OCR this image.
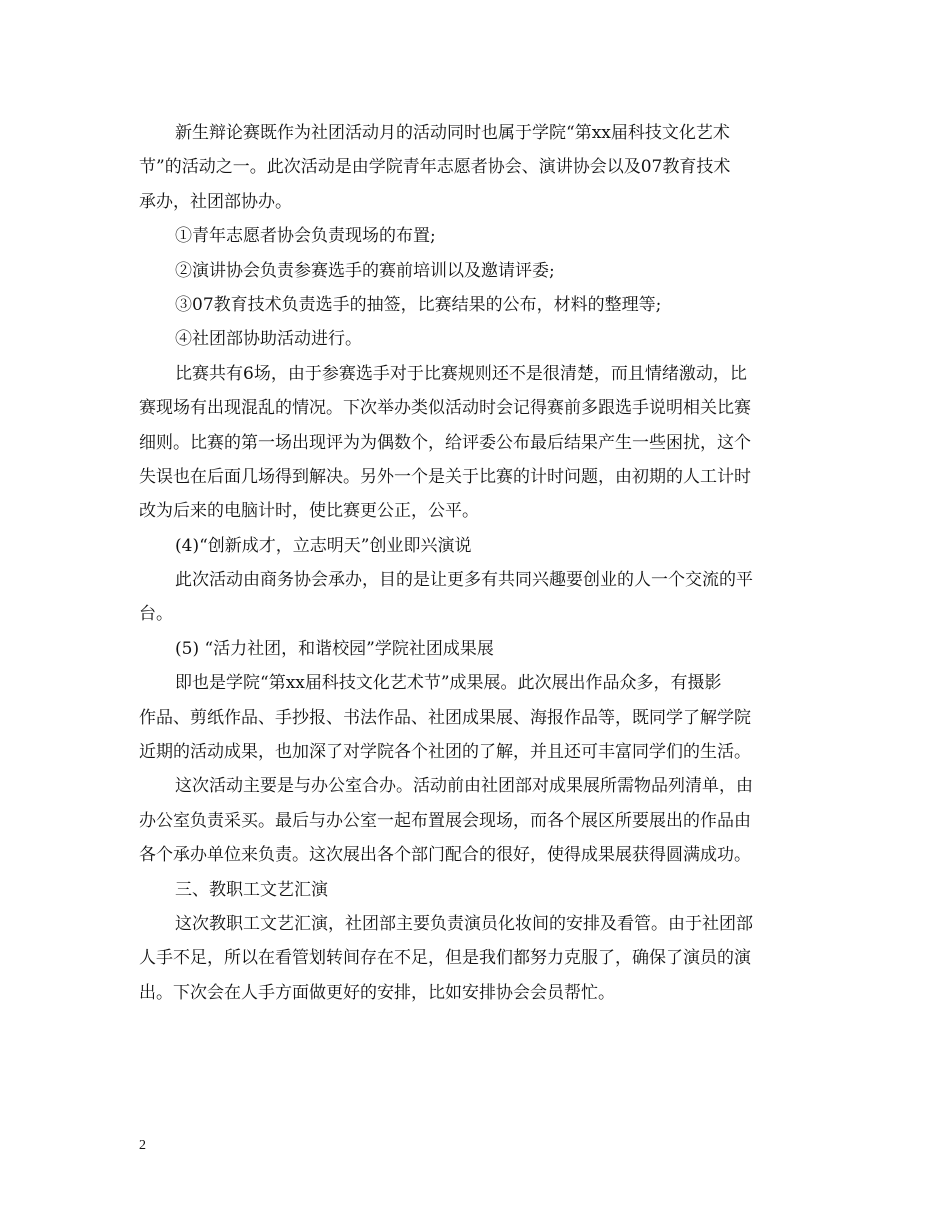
新生辩论赛既作为社团活动月的活动同时也属于学院“第xx届科技文化艺术
节”的活动之一。此次活动是由学院青年志愿者协会、演讲协会以及07教育技术
承办，社团部协办。
①青年志愿者协会负责现场的布置;
②演讲协会负责参赛选手的赛前培训以及邀请评委;
③07教育技术负责选手的抽签，比赛结果的公布，材料的整理等;
④社团部协助活动进行。
比赛共有6场，由于参赛选手对于比赛规则还不是很清楚，而且情绪激动，比
赛现场有出现混乱的情况。下次举办类似活动时会记得赛前多跟选手说明相关比赛
细则。比赛的第一场出现评为为偶数个，给评委公布最后结果产生一些困扰，这个
失误也在后面几场得到解决。另外一个是关于比赛的计时问题，由初期的人工计时
改为后来的电脑计时，使比赛更公正，公平。
(4)“创新成才，立志明天”创业即兴演说
此次活动由商务协会承办，目的是让更多有共同兴趣要创业的人一个交流的平
台。
(5) “活力社团，和谐校园”学院社团成果展
即也是学院“第xx届科技文化艺术节”成果展。此次展出作品众多，有摄影
作品、剪纸作品、手抄报、书法作品、社团成果展、海报作品等，既同学了解学院
近期的活动成果，也加深了对学院各个社团的了解，并且还可丰富同学们的生活。
这次活动主要是与办公室合办。活动前由社团部对成果展所需物品列清单，由
办公室负责采买。最后与办公室一起布置展会现场，而各个展区所要展出的作品由
各个承办单位来负责。这次展出各个部门配合的很好，使得成果展获得圆满成功。
三、教职工文艺汇演
这次教职工文艺汇演，社团部主要负责演员化妆间的安排及看管。由于社团部
人手不足，所以在看管划转间存在不足，但是我们都努力克服了，确保了演员的演
出。下次会在人手方面做更好的安排，比如安排协会会员帮忙。
2
